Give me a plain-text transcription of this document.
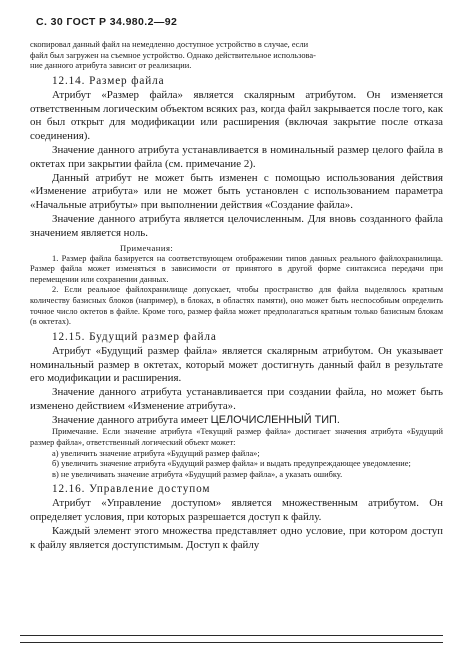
С. 30 ГОСТ Р 34.980.2—92

скопировал данный файл на немедленно доступное устройство в случае, если

файл был загружен на съемное устройство. Однако действительное использова-

ние данного атрибута зависит от реализации.

12.14. Размер файла

Атрибут «Размер файла» является скалярным атрибутом. Он изменяется ответственным логическим объектом всяких раз, когда файл закрывается после того, как он был открыт для модификации или расширения (включая закрытие после отказа соединения).

Значение данного атрибута устанавливается в номинальный размер целого файла в октетах при закрытии файла (см. примечание 2).

Данный атрибут не может быть изменен с помощью использования действия «Изменение атрибута» или не может быть установлен с использованием параметра «Начальные атрибуты» при выполнении действия «Создание файла».

Значение данного атрибута является целочисленным. Для вновь созданного файла значением является ноль.

Примечания:

1. Размер файла базируется на соответствующем отображении типов данных реального файлохранилища. Размер файла может изменяться в зависимости от принятого в другой форме синтаксиса передачи при перемещении или сохранении данных.

2. Если реальное файлохранилище допускает, чтобы пространство для файла выделялось кратным количеству базисных блоков (например), в блоках, в областях памяти), оно может быть неспособным определить точное число октетов в файле. Кроме того, размер файла может предполагаться кратным только базисным блокам (в октетах).

12.15. Будущий размер файла

Атрибут «Будущий размер файла» является скалярным атрибутом. Он указывает номинальный размер в октетах, который может достигнуть данный файл в результате его модификации и расширения.

Значение данного атрибута устанавливается при создании файла, но может быть изменено действием «Изменение атрибута».

Значение данного атрибута имеет ЦЕЛОЧИСЛЕННЫЙ ТИП.

Примечание. Если значение атрибута «Текущий размер файла» достигает значения атрибута «Будущий размер файла», ответственный логический объект может:

а) увеличить значение атрибута «Будущий размер файла»;

б) увеличить значение атрибута «Будущий размер файла» и выдать предупреждающее уведомление;

в) не увеличивать значение атрибута «Будущий размер файла», а указать ошибку.

12.16. Управление доступом

Атрибут «Управление доступом» является множественным атрибутом. Он определяет условия, при которых разрешается доступ к файлу.

Каждый элемент этого множества представляет одно условие, при котором доступ к файлу является доступстимым. Доступ к файлу
